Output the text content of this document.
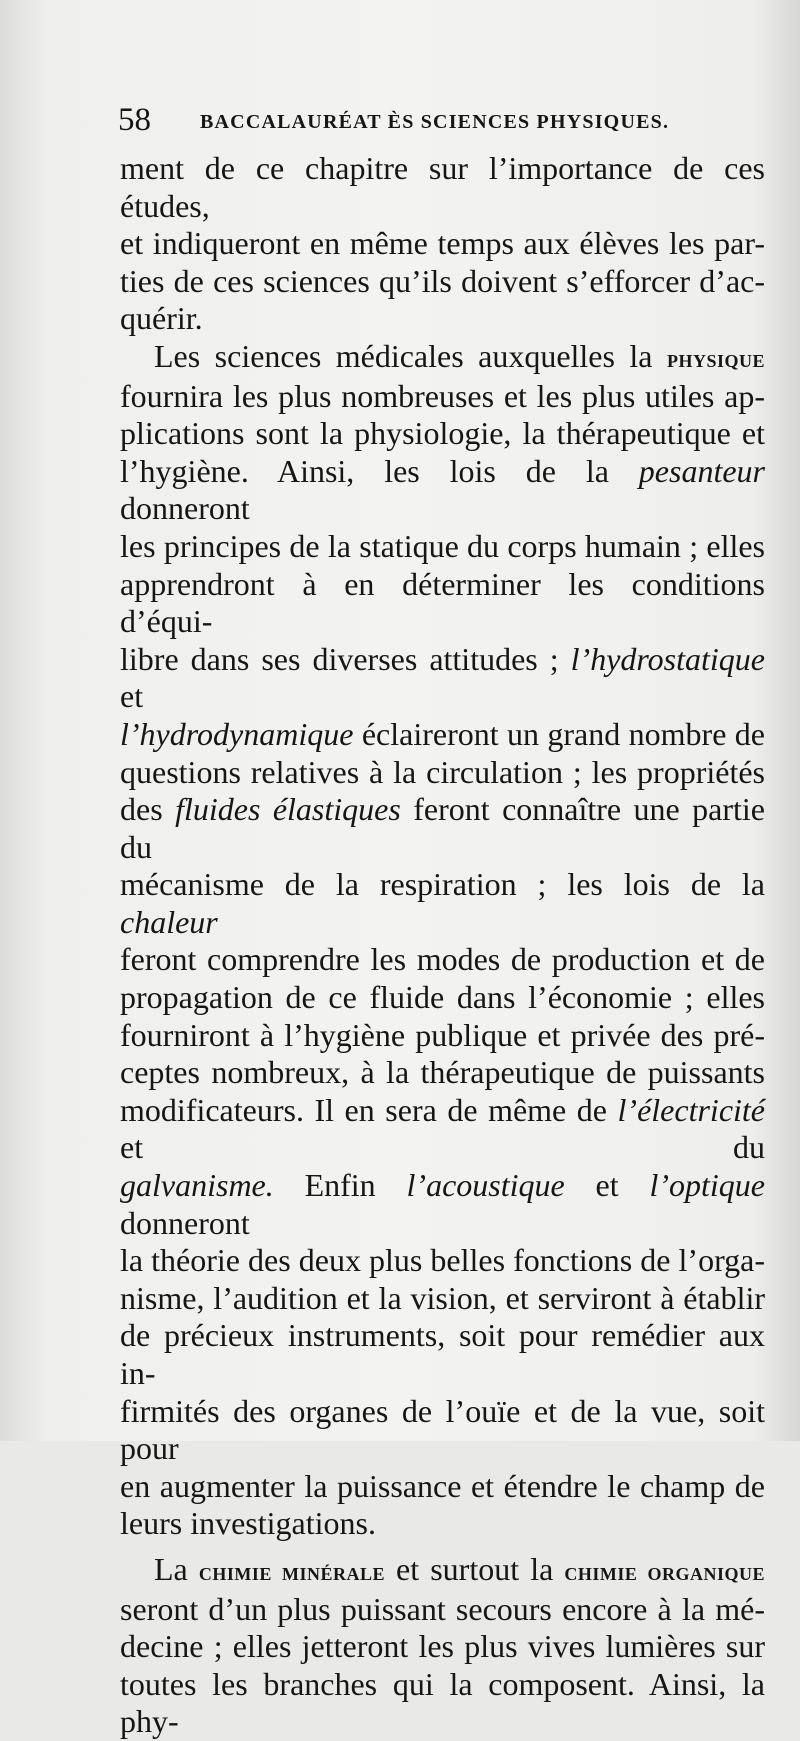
58 BACCALAURÉAT ÈS SCIENCES PHYSIQUES.
ment de ce chapitre sur l’importance de ces études,
et indiqueront en même temps aux élèves les par-
ties de ces sciences qu’ils doivent s’efforcer d’ac-
quérir.
Les sciences médicales auxquelles la physique
fournira les plus nombreuses et les plus utiles ap-
plications sont la physiologie, la thérapeutique et
l’hygiène. Ainsi, les lois de la pesanteur donneront
les principes de la statique du corps humain ; elles
apprendront à en déterminer les conditions d’équi-
libre dans ses diverses attitudes ; l’hydrostatique et
l’hydrodynamique éclaireront un grand nombre de
questions relatives à la circulation ; les propriétés
des fluides élastiques feront connaître une partie du
mécanisme de la respiration ; les lois de la chaleur
feront comprendre les modes de production et de
propagation de ce fluide dans l’économie ; elles
fourniront à l’hygiène publique et privée des pré-
ceptes nombreux, à la thérapeutique de puissants
modificateurs. Il en sera de même de l’électricité et du
galvanisme. Enfin l’acoustique et l’optique donneront
la théorie des deux plus belles fonctions de l’orga-
nisme, l’audition et la vision, et serviront à établir
de précieux instruments, soit pour remédier aux in-
firmités des organes de l’ouïe et de la vue, soit pour
en augmenter la puissance et étendre le champ de
leurs investigations.
La chimie minérale et surtout la chimie organique
seront d’un plus puissant secours encore à la mé-
decine ; elles jetteront les plus vives lumières sur
toutes les branches qui la composent. Ainsi, la phy-
